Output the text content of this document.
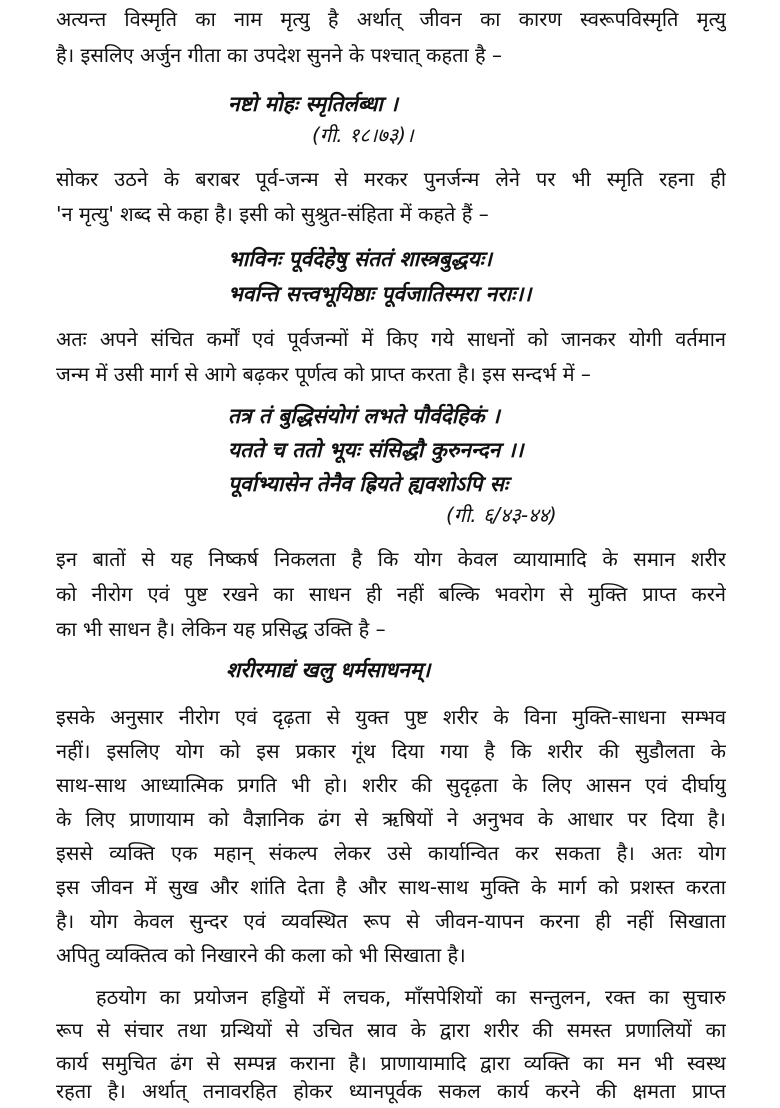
अत्यन्त विस्मृति का नाम मृत्यु है अर्थात् जीवन का कारण स्वरूपविस्मृति मृत्यु
है। इसलिए अर्जुन गीता का उपदेश सुनने के पश्चात् कहता है –
नष्टो मोहः स्मृतिर्लब्धा ।
(गी. १८।७३)।
सोकर उठने के बराबर पूर्व-जन्म से मरकर पुनर्जन्म लेने पर भी स्मृति रहना ही
'न मृत्यु' शब्द से कहा है। इसी को सुश्रुत-संहिता में कहते हैं –
भाविनः पूर्वदेहेषु संततं शास्त्रबुद्धयः।
भवन्ति सत्त्वभूयिष्ठाः पूर्वजातिस्मरा नराः।।
अतः अपने संचित कर्मों एवं पूर्वजन्मों में किए गये साधनों को जानकर योगी वर्तमान
जन्म में उसी मार्ग से आगे बढ़कर पूर्णत्व को प्राप्त करता है। इस सन्दर्भ में –
तत्र तं बुद्धिसंयोगं लभते पौर्वदेहिकं ।
यतते च ततो भूयः संसिद्धौ कुरुनन्दन ।।
पूर्वाभ्यासेन तेनैव ह्रियते ह्यवशोऽपि सः
(गी. ६/४३-४४)
इन बातों से यह निष्कर्ष निकलता है कि योग केवल व्यायामादि के समान शरीर
को नीरोग एवं पुष्ट रखने का साधन ही नहीं बल्कि भवरोग से मुक्ति प्राप्त करने
का भी साधन है। लेकिन यह प्रसिद्ध उक्ति है –
शरीरमाद्यं खलु धर्मसाधनम्।
इसके अनुसार नीरोग एवं दृढ़ता से युक्त पुष्ट शरीर के विना मुक्ति-साधना सम्भव
नहीं। इसलिए योग को इस प्रकार गूंथ दिया गया है कि शरीर की सुडौलता के
साथ-साथ आध्यात्मिक प्रगति भी हो। शरीर की सुदृढ़ता के लिए आसन एवं दीर्घायु
के लिए प्राणायाम को वैज्ञानिक ढंग से ऋषियों ने अनुभव के आधार पर दिया है।
इससे व्यक्ति एक महान् संकल्प लेकर उसे कार्यान्वित कर सकता है। अतः योग
इस जीवन में सुख और शांति देता है और साथ-साथ मुक्ति के मार्ग को प्रशस्त करता
है। योग केवल सुन्दर एवं व्यवस्थित रूप से जीवन-यापन करना ही नहीं सिखाता
अपितु व्यक्तित्व को निखारने की कला को भी सिखाता है।
हठयोग का प्रयोजन हड्डियों में लचक, माँसपेशियों का सन्तुलन, रक्त का सुचारु
रूप से संचार तथा ग्रन्थियों से उचित स्राव के द्वारा शरीर की समस्त प्रणालियों का
कार्य समुचित ढंग से सम्पन्न कराना है। प्राणायामादि द्वारा व्यक्ति का मन भी स्वस्थ
रहता है। अर्थात् तनावरहित होकर ध्यानपूर्वक सकल कार्य करने की क्षमता प्राप्त
